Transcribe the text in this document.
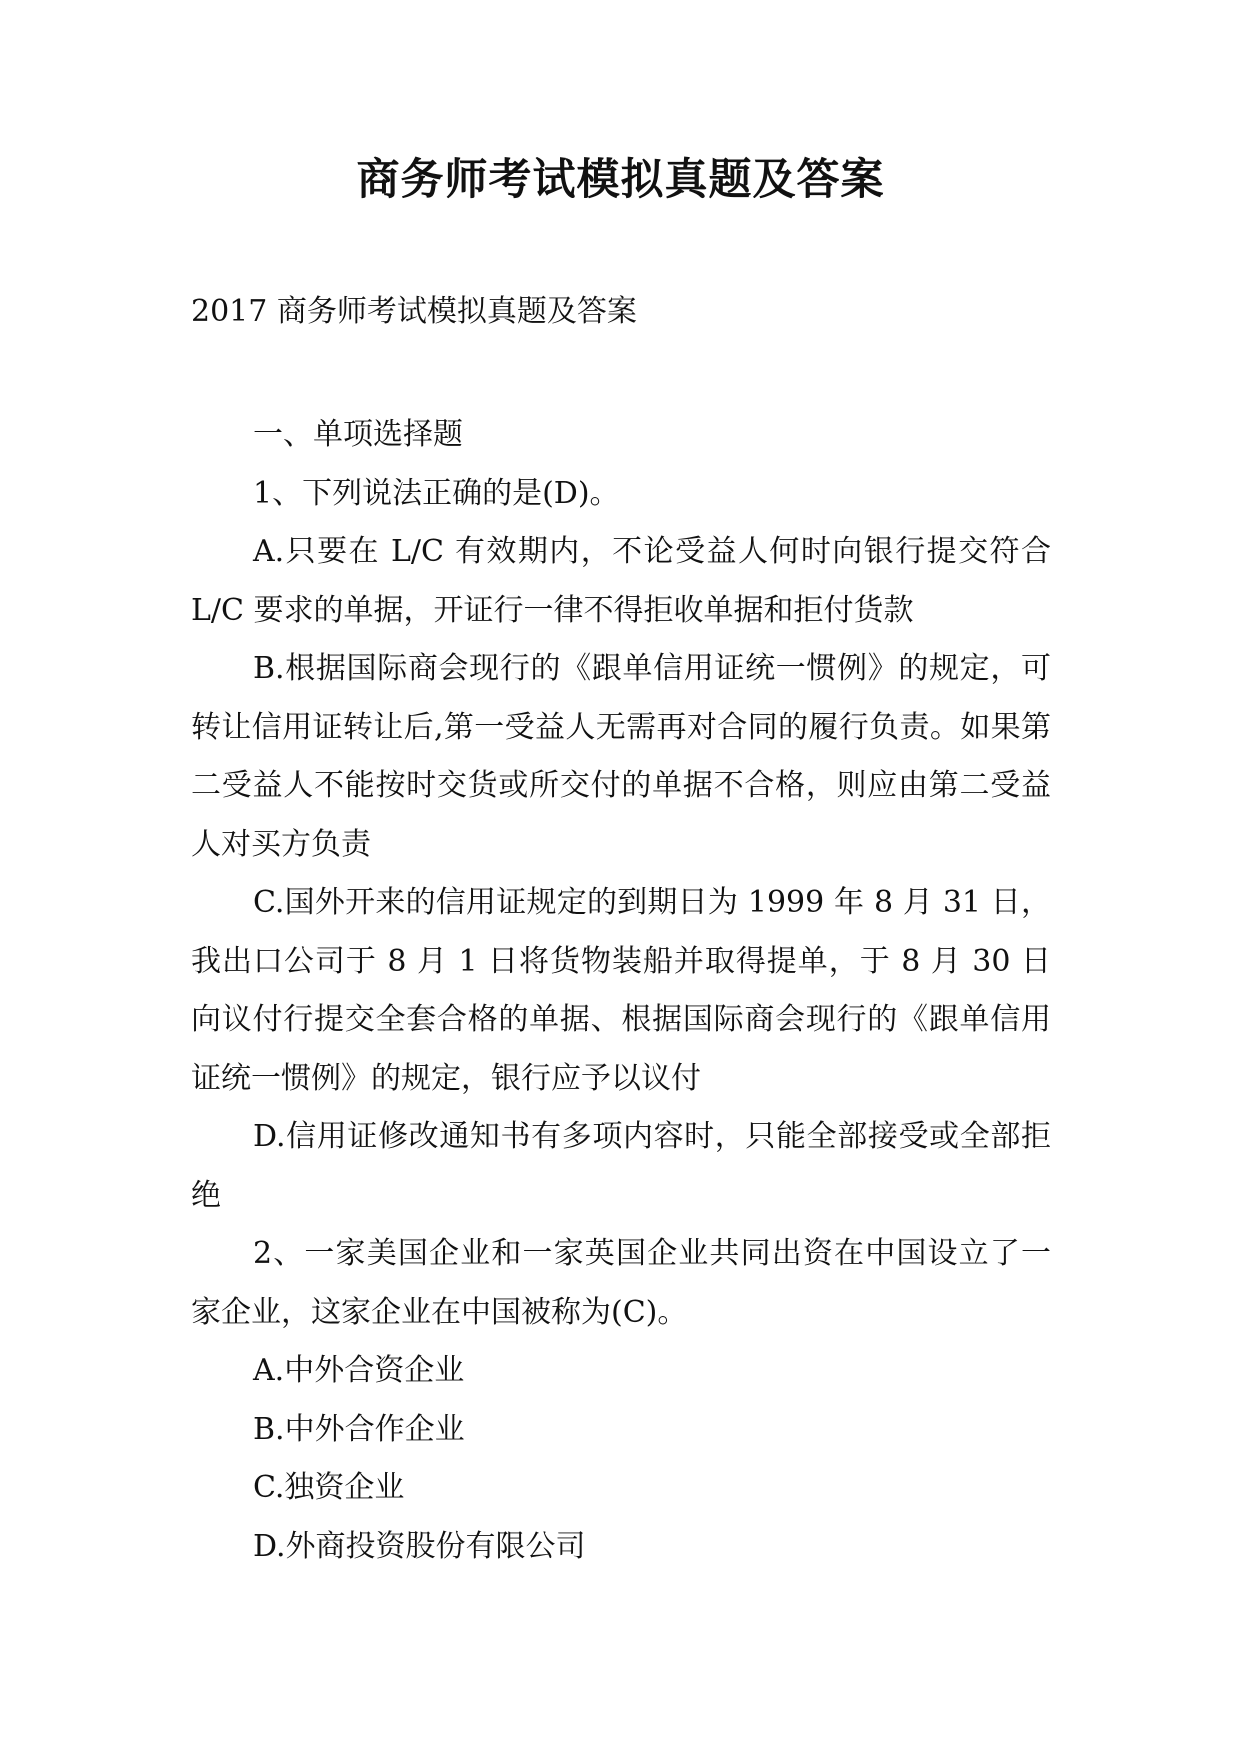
商务师考试模拟真题及答案
2017 商务师考试模拟真题及答案

一、单项选择题

1、下列说法正确的是(D)。

A.只要在 L/C 有效期内，不论受益人何时向银行提交符合 L/C 要求的单据，开证行一律不得拒收单据和拒付货款

B.根据国际商会现行的《跟单信用证统一惯例》的规定，可转让信用证转让后,第一受益人无需再对合同的履行负责。如果第二受益人不能按时交货或所交付的单据不合格，则应由第二受益人对买方负责

C.国外开来的信用证规定的到期日为 1999 年 8 月 31 日，我出口公司于 8 月 1 日将货物装船并取得提单，于 8 月 30 日向议付行提交全套合格的单据、根据国际商会现行的《跟单信用证统一惯例》的规定，银行应予以议付

D.信用证修改通知书有多项内容时，只能全部接受或全部拒绝

2、一家美国企业和一家英国企业共同出资在中国设立了一家企业，这家企业在中国被称为(C)。

A.中外合资企业

B.中外合作企业

C.独资企业

D.外商投资股份有限公司
